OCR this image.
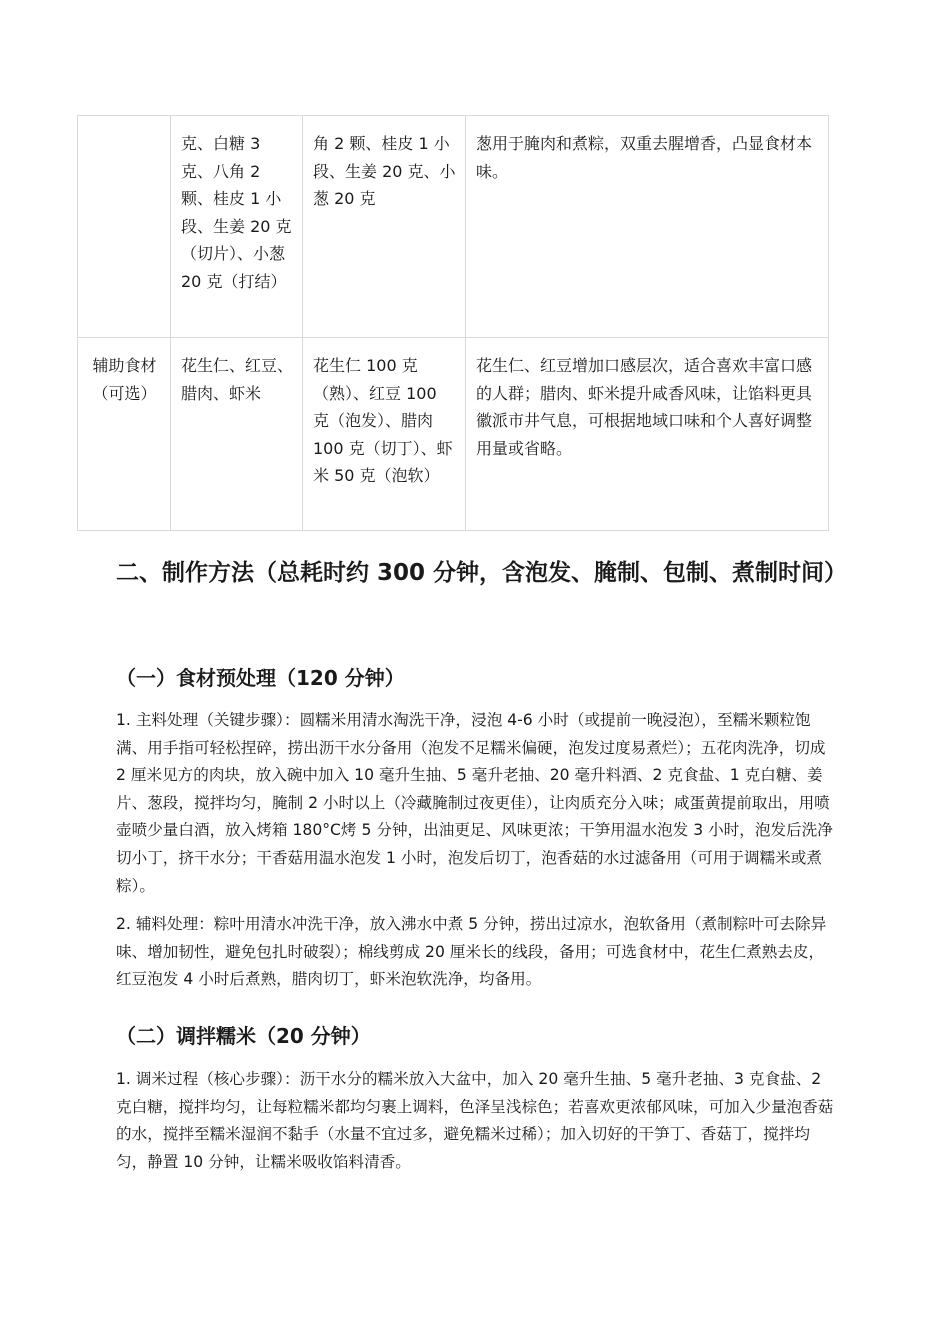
	克、白糖 3 克、八角 2 颗、桂皮 1 小段、生姜 20 克（切片）、小葱 20 克（打结）	角 2 颗、桂皮 1 小段、生姜 20 克、小葱 20 克	葱用于腌肉和煮粽，双重去腥增香，凸显食材本味。
辅助食材（可选）	花生仁、红豆、腊肉、虾米	花生仁 100 克（熟）、红豆 100 克（泡发）、腊肉 100 克（切丁）、虾米 50 克（泡软）	花生仁、红豆增加口感层次，适合喜欢丰富口感的人群；腊肉、虾米提升咸香风味，让馅料更具徽派市井气息，可根据地域口味和个人喜好调整用量或省略。
二、制作方法（总耗时约 300 分钟，含泡发、腌制、包制、煮制时间）
（一）食材预处理（120 分钟）

1. 主料处理（关键步骤）：圆糯米用清水淘洗干净，浸泡 4-6 小时（或提前一晚浸泡），至糯米颗粒饱满、用手指可轻松捏碎，捞出沥干水分备用（泡发不足糯米偏硬，泡发过度易煮烂）；五花肉洗净，切成 2 厘米见方的肉块，放入碗中加入 10 毫升生抽、5 毫升老抽、20 毫升料酒、2 克食盐、1 克白糖、姜片、葱段，搅拌均匀，腌制 2 小时以上（冷藏腌制过夜更佳），让肉质充分入味；咸蛋黄提前取出，用喷壶喷少量白酒，放入烤箱 180°C烤 5 分钟，出油更足、风味更浓；干笋用温水泡发 3 小时，泡发后洗净切小丁，挤干水分；干香菇用温水泡发 1 小时，泡发后切丁，泡香菇的水过滤备用（可用于调糯米或煮粽）。

2. 辅料处理：粽叶用清水冲洗干净，放入沸水中煮 5 分钟，捞出过凉水，泡软备用（煮制粽叶可去除异味、增加韧性，避免包扎时破裂）；棉线剪成 20 厘米长的线段，备用；可选食材中，花生仁煮熟去皮，红豆泡发 4 小时后煮熟，腊肉切丁，虾米泡软洗净，均备用。

（二）调拌糯米（20 分钟）

1. 调米过程（核心步骤）：沥干水分的糯米放入大盆中，加入 20 毫升生抽、5 毫升老抽、3 克食盐、2 克白糖，搅拌均匀，让每粒糯米都均匀裹上调料，色泽呈浅棕色；若喜欢更浓郁风味，可加入少量泡香菇的水，搅拌至糯米湿润不黏手（水量不宜过多，避免糯米过稀）；加入切好的干笋丁、香菇丁，搅拌均匀，静置 10 分钟，让糯米吸收馅料清香。
